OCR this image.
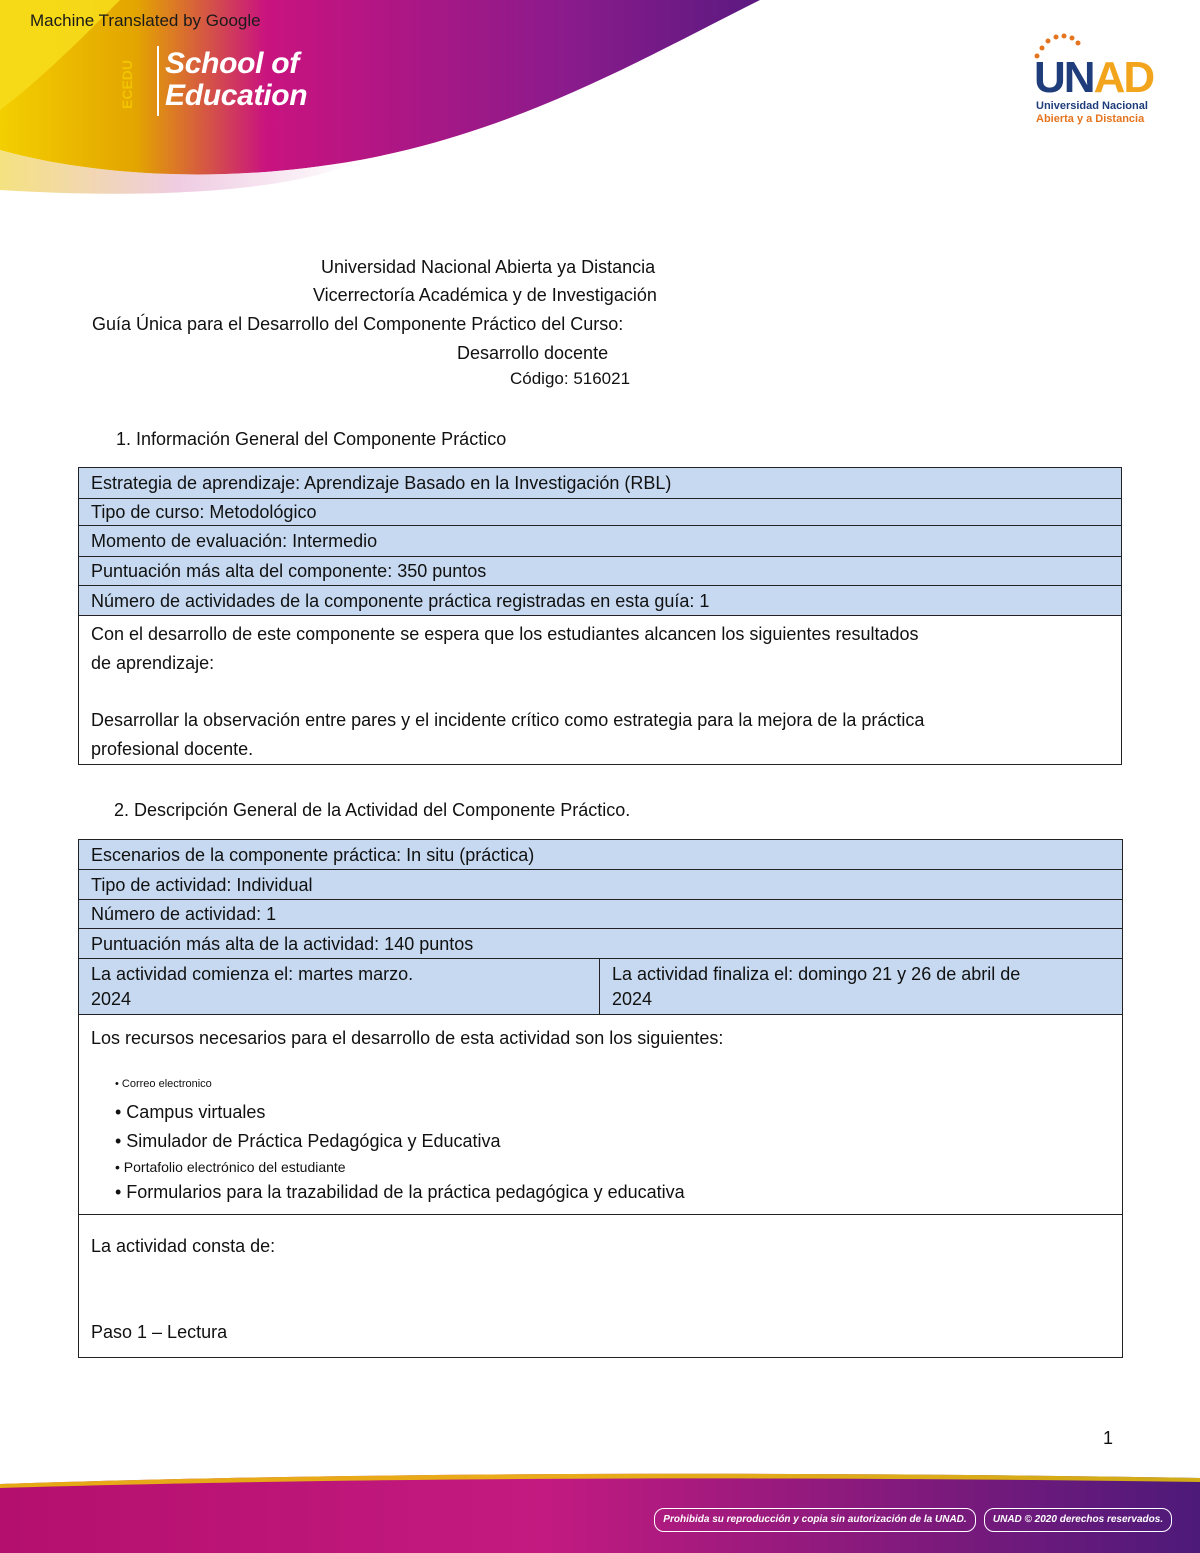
Machine Translated by Google
ECEDU School of
Education	UNAD
Universidad Nacional
Abierta y a Distancia
Universidad Nacional Abierta ya Distancia
Vicerrectoría Académica y de Investigación
Guía Única para el Desarrollo del Componente Práctico del Curso:
Desarrollo docente
Código: 516021
1. Información General del Componente Práctico
Estrategia de aprendizaje: Aprendizaje Basado en la Investigación (RBL)
Tipo de curso: Metodológico
Momento de evaluación: Intermedio
Puntuación más alta del componente: 350 puntos
Número de actividades de la componente práctica registradas en esta guía: 1

Con el desarrollo de este componente se espera que los estudiantes alcancen los siguientes resultados
de aprendizaje:
Desarrollar la observación entre pares y el incidente crítico como estrategia para la mejora de la práctica
profesional docente.
2. Descripción General de la Actividad del Componente Práctico.
Escenarios de la componente práctica: In situ (práctica)
Tipo de actividad: Individual
Número de actividad: 1
Puntuación más alta de la actividad: 140 puntos

La actividad comienza el: martes marzo.
2024

La actividad finaliza el: domingo 21 y 26 de abril de
2024

Los recursos necesarios para el desarrollo de esta actividad son los siguientes:
• Correo electronico
• Campus virtuales
• Simulador de Práctica Pedagógica y Educativa
• Portafolio electrónico del estudiante
• Formularios para la trazabilidad de la práctica pedagógica y educativa

La actividad consta de:
Paso 1 – Lectura
1
Prohibida su reproducción y copia sin autorización de la UNAD.	UNAD © 2020 derechos reservados.
